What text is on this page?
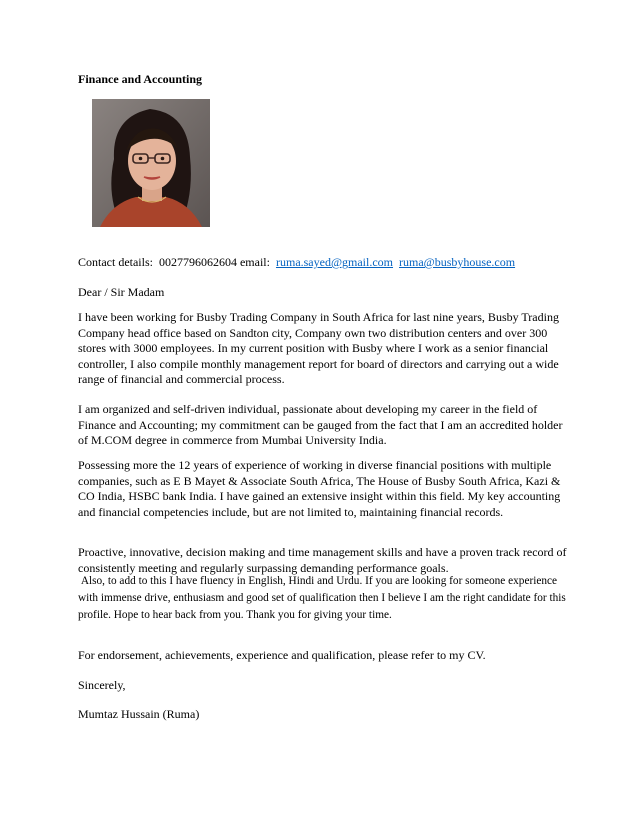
Finance and Accounting
Contact details:  0027796062604 email:  ruma.sayed@gmail.com ruma@busbyhouse.com
Dear / Sir Madam
I have been working for Busby Trading Company in South Africa for last nine years, Busby Trading Company head office based on Sandton city, Company own two distribution centers and over 300 stores with 3000 employees. In my current position with Busby where I work as a senior financial controller, I also compile monthly management report for board of directors and carrying out a wide range of financial and commercial process.
I am organized and self-driven individual, passionate about developing my career in the field of Finance and Accounting; my commitment can be gauged from the fact that I am an accredited holder of M.COM degree in commerce from Mumbai University India.
Possessing more the 12 years of experience of working in diverse financial positions with multiple companies, such as E B Mayet & Associate South Africa, The House of Busby South Africa, Kazi & CO India, HSBC bank India. I have gained an extensive insight within this field. My key accounting and financial competencies include, but are not limited to, maintaining financial records.
Proactive, innovative, decision making and time management skills and have a proven track record of consistently meeting and regularly surpassing demanding performance goals.
Also, to add to this I have fluency in English, Hindi and Urdu. If you are looking for someone experience with immense drive, enthusiasm and good set of qualification then I believe I am the right candidate for this profile. Hope to hear back from you. Thank you for giving your time.
For endorsement, achievements, experience and qualification, please refer to my CV.
Sincerely,
Mumtaz Hussain (Ruma)
